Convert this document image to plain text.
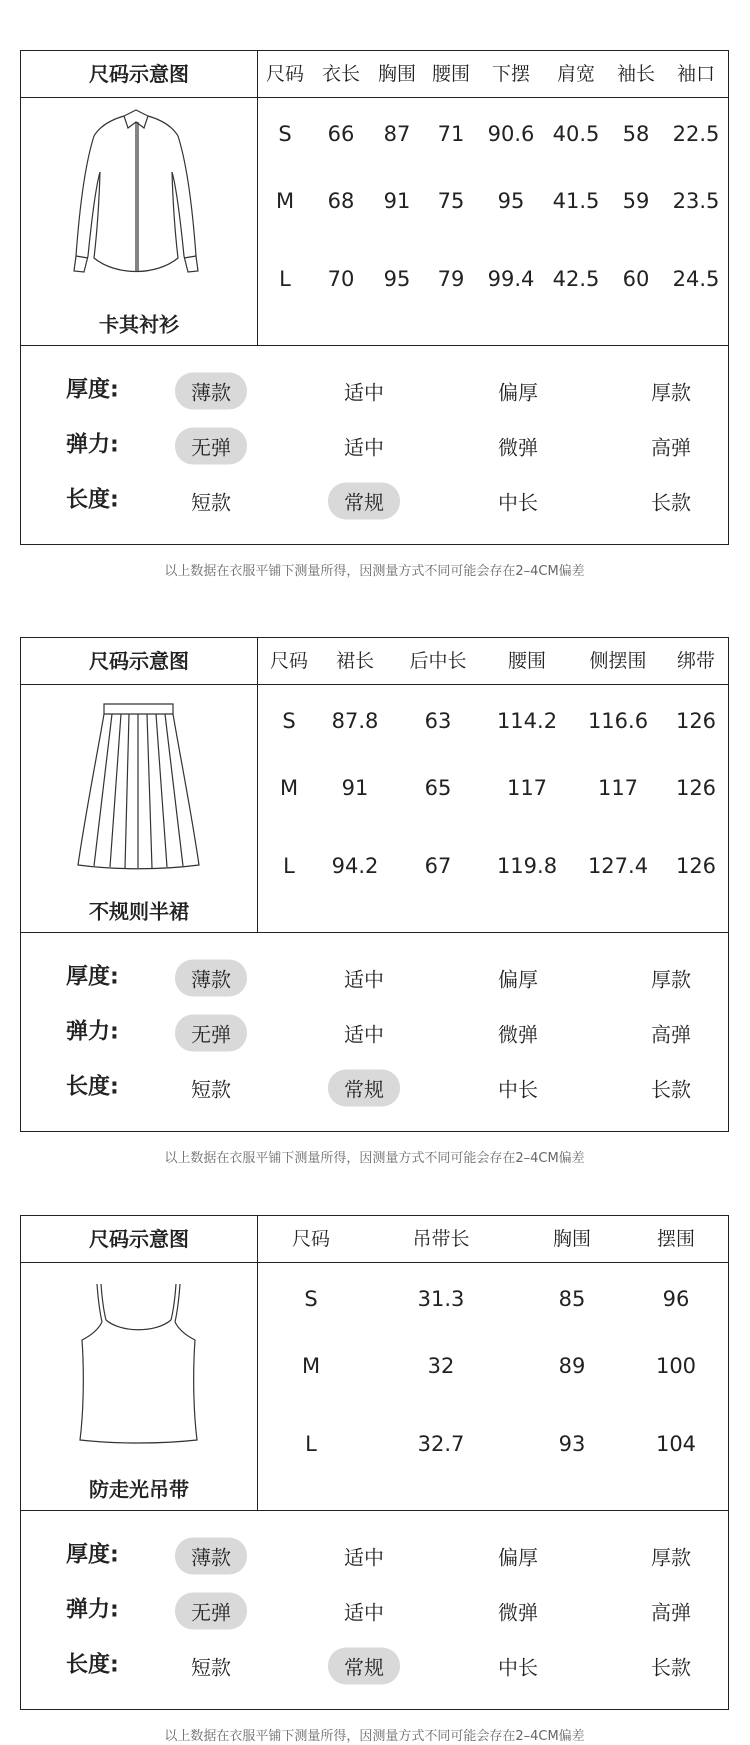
尺码示意图	尺码 衣长 胸围 腰围 下摆 肩宽 袖长 袖口
卡其衬衫
S 66 87 71 90.6 40.5 58 22.5
M 68 91 75 95 41.5 59 23.5
L 70 95 79 99.4 42.5 60 24.5
厚度:	薄款	适中	偏厚	厚款
弹力:	无弹	适中	微弹	高弹
长度:	短款	常规	中长	长款
以上数据在衣服平铺下测量所得，因测量方式不同可能会存在2–4CM偏差
尺码示意图	尺码 裙长 后中长 腰围 侧摆围 绑带
不规则半裙
S 87.8 63 114.2 116.6 126
M 91	65	117 117 126
L 94.2 67 119.8 127.4 126
厚度:	薄款	适中	偏厚	厚款
弹力:	无弹	适中	微弹	高弹
长度:	短款	常规	中长	长款
以上数据在衣服平铺下测量所得，因测量方式不同可能会存在2–4CM偏差
尺码示意图	尺码	吊带长	胸围	摆围
防走光吊带
S	31.3	85	96
M	32	89	100
L	32.7	93	104
厚度:	薄款	适中	偏厚	厚款
弹力:	无弹	适中	微弹	高弹
长度:	短款	常规	中长	长款
以上数据在衣服平铺下测量所得，因测量方式不同可能会存在2–4CM偏差
